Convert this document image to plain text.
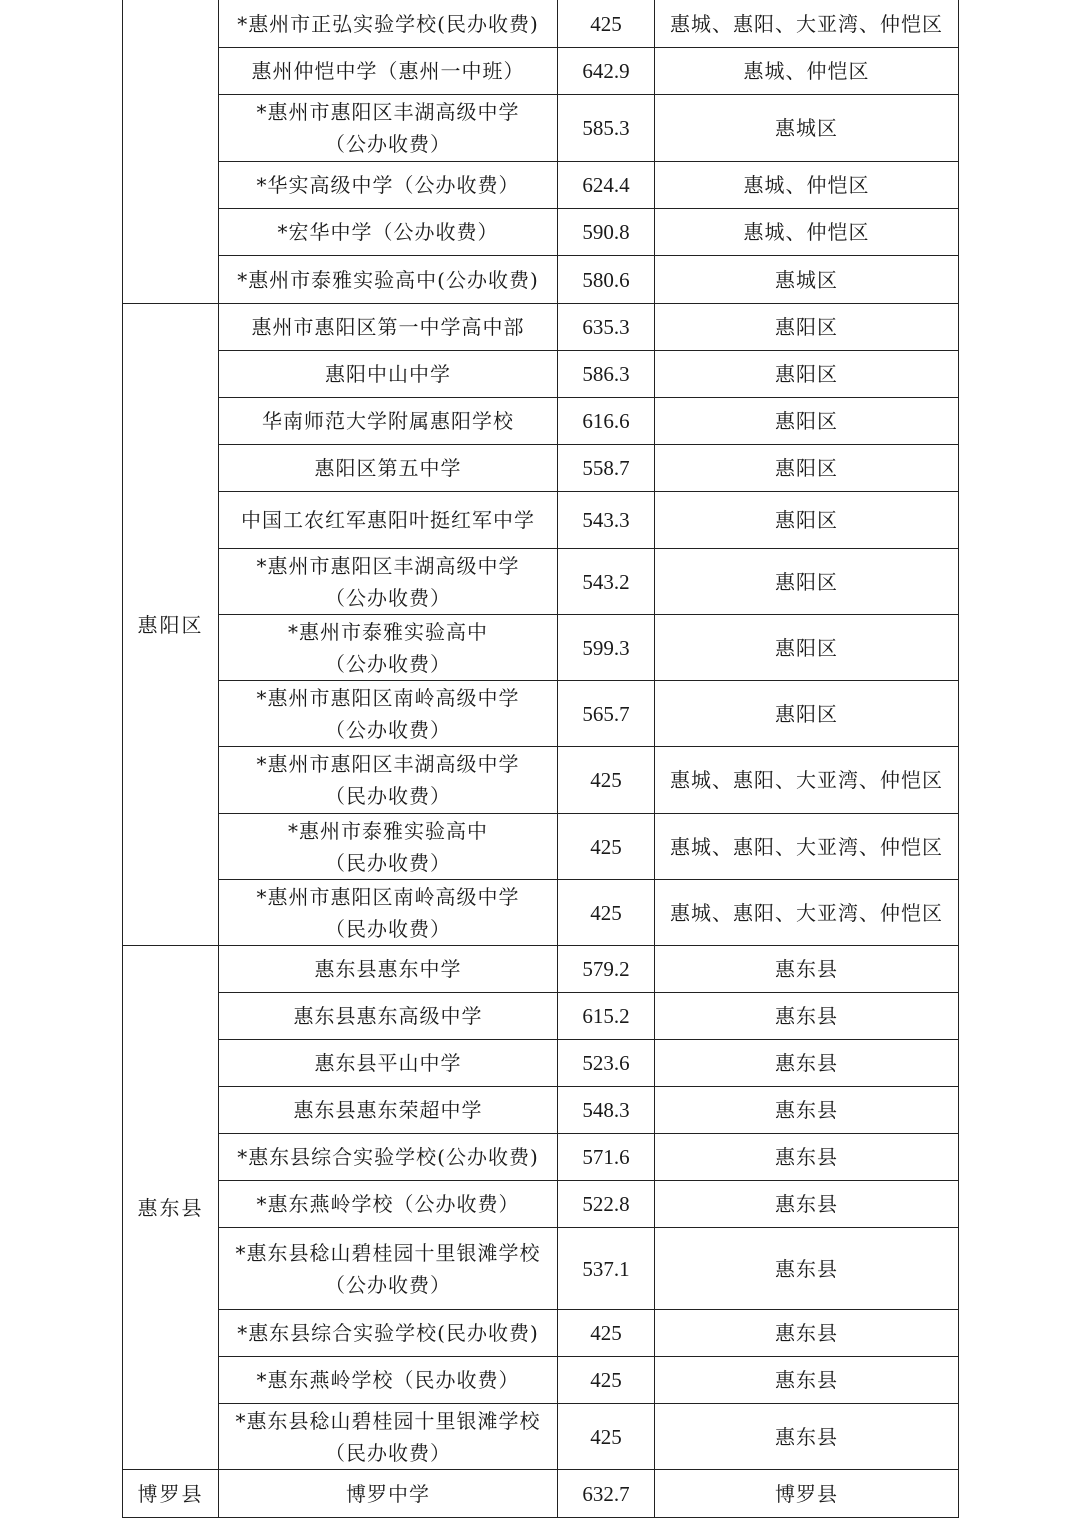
	*惠州市正弘实验学校(民办收费)	425	惠城、惠阳、大亚湾、仲恺区

	惠州仲恺中学（惠州一中班）	642.9	惠城、仲恺区

	*惠州市惠阳区丰湖高级中学
（公办收费）	585.3	惠城区

	*华实高级中学（公办收费）	624.4	惠城、仲恺区

	*宏华中学（公办收费）	590.8	惠城、仲恺区

	*惠州市泰雅实验高中(公办收费)	580.6	惠城区
惠阳区	惠州市惠阳区第一中学高中部	635.3	惠阳区

	惠阳中山中学	586.3	惠阳区

	华南师范大学附属惠阳学校	616.6	惠阳区

	惠阳区第五中学	558.7	惠阳区

	中国工农红军惠阳叶挺红军中学	543.3	惠阳区

	*惠州市惠阳区丰湖高级中学
（公办收费）	543.2	惠阳区

	*惠州市泰雅实验高中
（公办收费）	599.3	惠阳区

	*惠州市惠阳区南岭高级中学
（公办收费）	565.7	惠阳区

	*惠州市惠阳区丰湖高级中学
（民办收费）	425	惠城、惠阳、大亚湾、仲恺区

	*惠州市泰雅实验高中
（民办收费）	425	惠城、惠阳、大亚湾、仲恺区

	*惠州市惠阳区南岭高级中学
（民办收费）	425	惠城、惠阳、大亚湾、仲恺区
惠东县	惠东县惠东中学	579.2	惠东县

	惠东县惠东高级中学	615.2	惠东县

	惠东县平山中学	523.6	惠东县

	惠东县惠东荣超中学	548.3	惠东县

	*惠东县综合实验学校(公办收费)	571.6	惠东县

	*惠东燕岭学校（公办收费）	522.8	惠东县

	*惠东县稔山碧桂园十里银滩学校
（公办收费）	537.1	惠东县

	*惠东县综合实验学校(民办收费)	425	惠东县

	*惠东燕岭学校（民办收费）	425	惠东县

	*惠东县稔山碧桂园十里银滩学校
（民办收费）	425	惠东县
博罗县	博罗中学	632.7	博罗县
